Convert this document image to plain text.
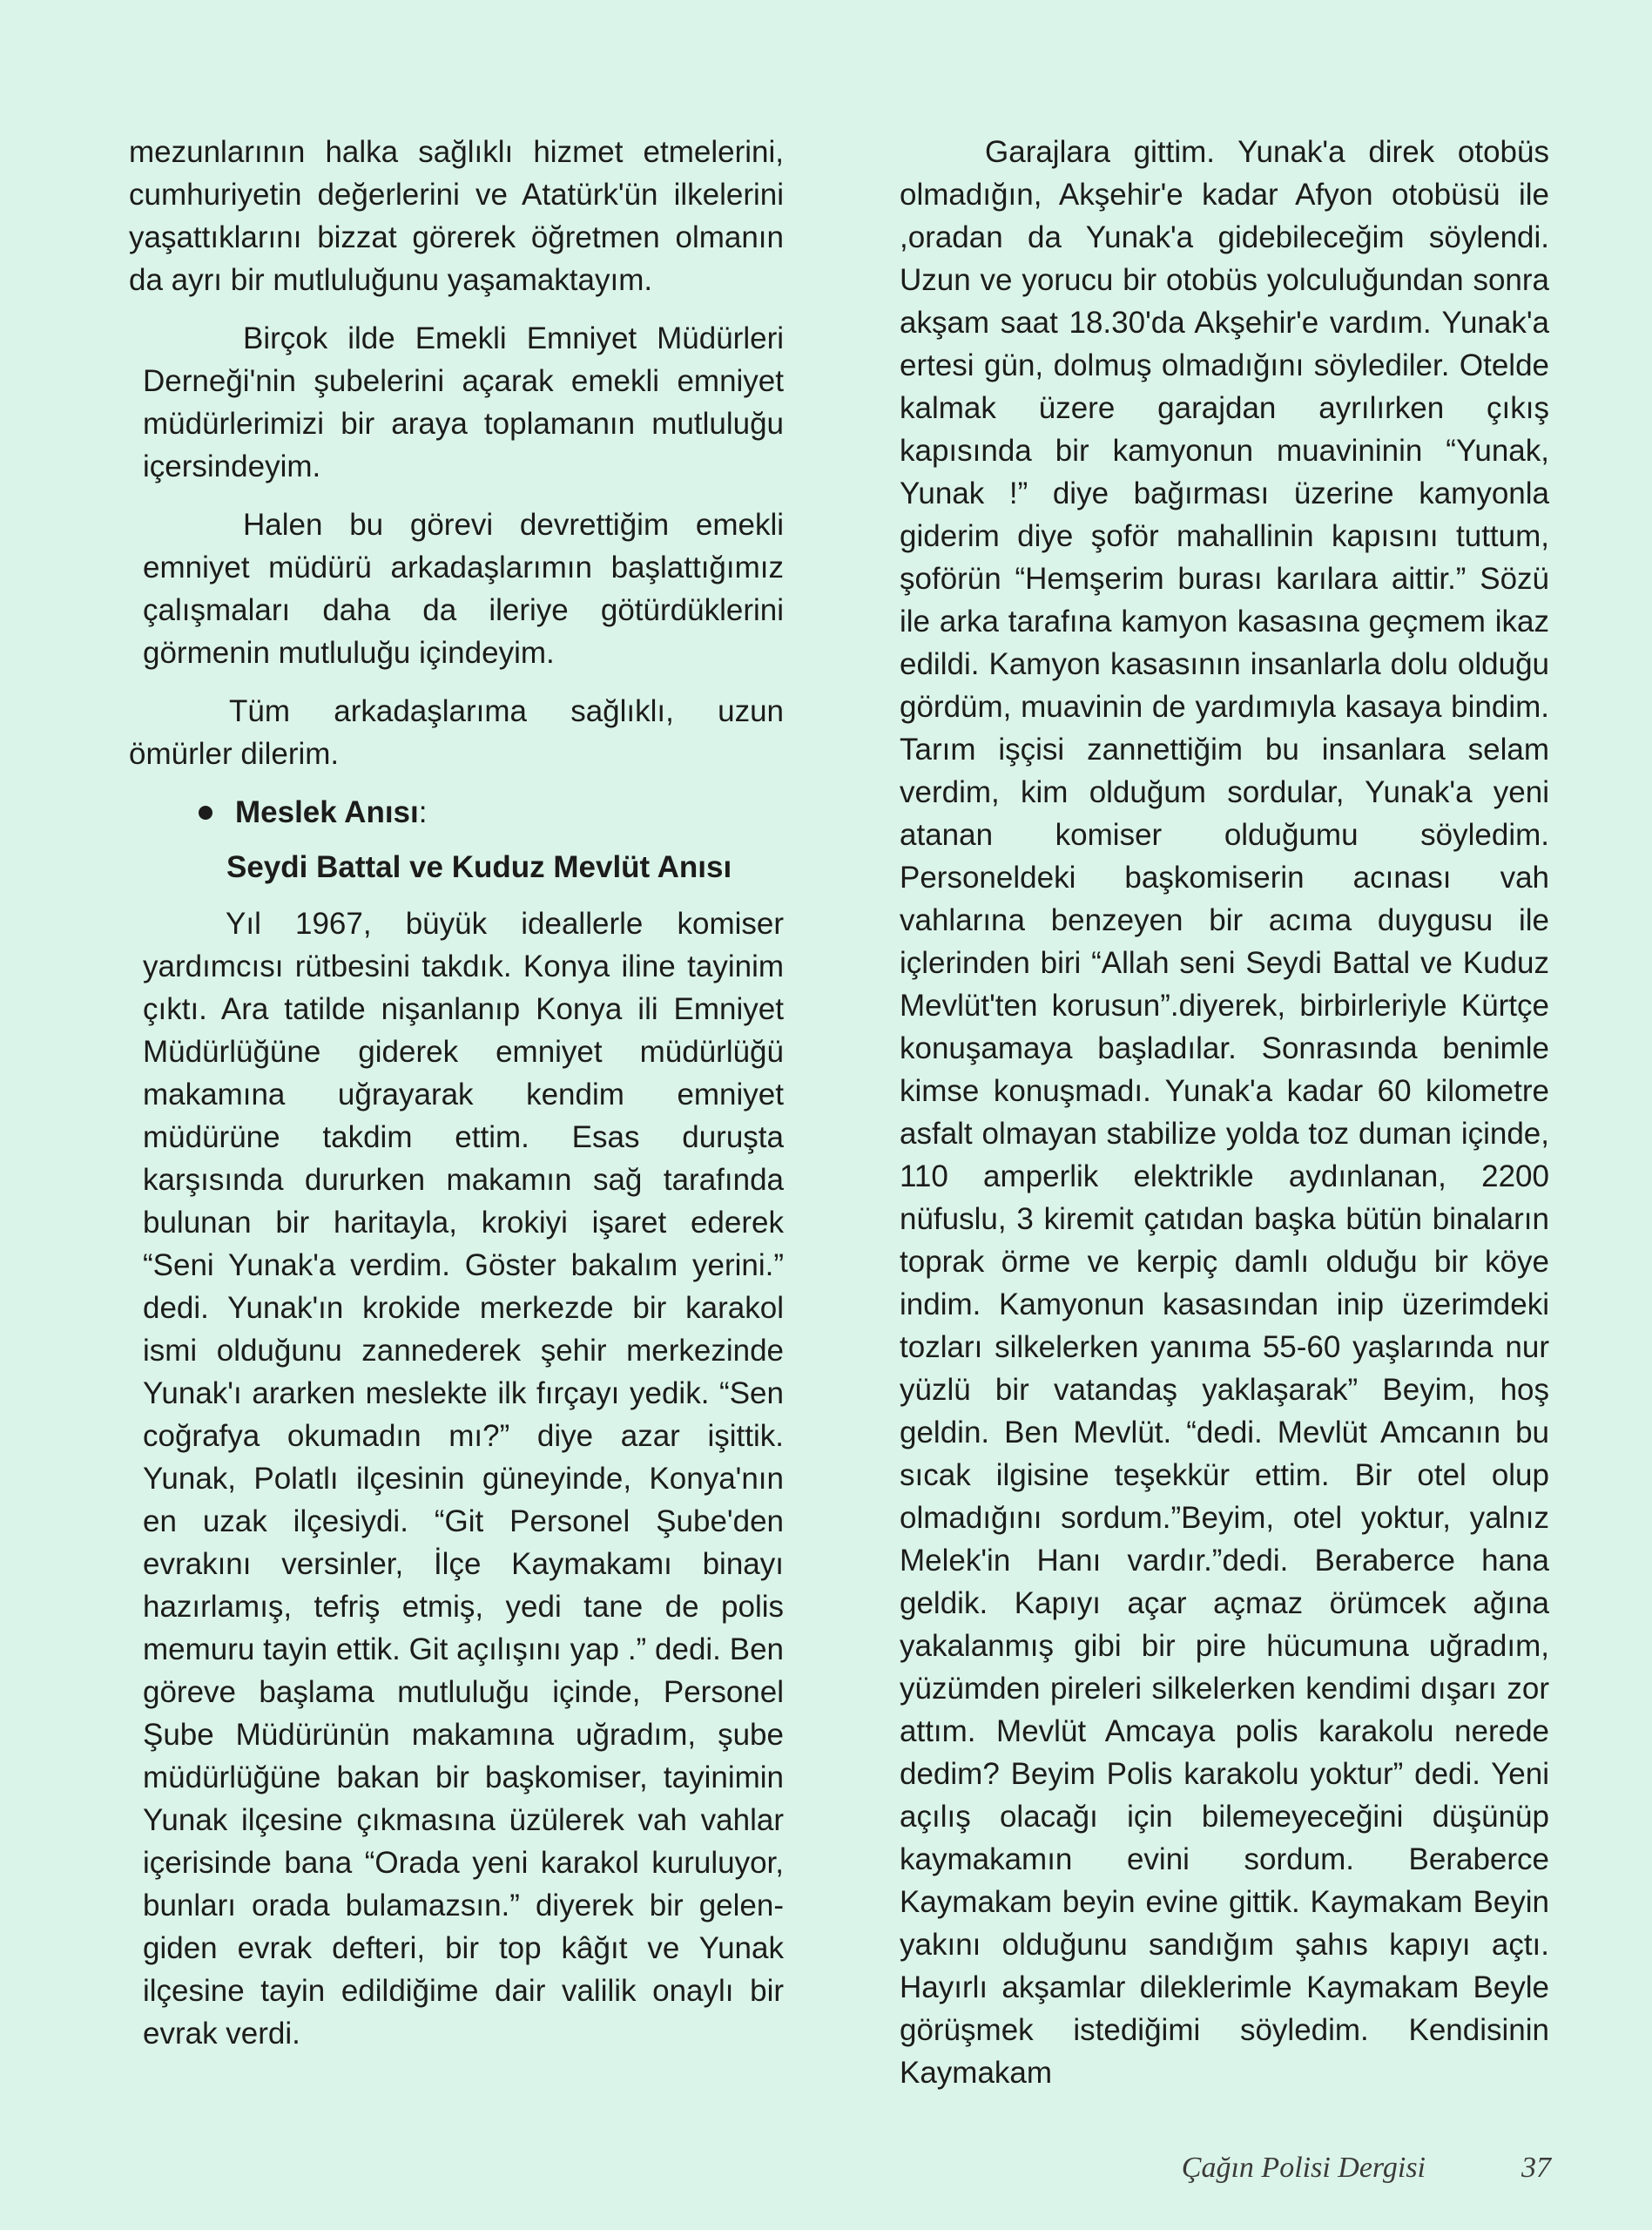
mezunlarının halka sağlıklı hizmet etmelerini, cumhuriyetin değerlerini ve Atatürk'ün ilkelerini yaşattıklarını bizzat görerek öğretmen olmanın da ayrı bir mutluluğunu yaşamaktayım.

Birçok ilde Emekli Emniyet Müdürleri Derneği'nin şubelerini açarak emekli emniyet müdürlerimizi bir araya toplamanın mutluluğu içersindeyim.

Halen bu görevi devrettiğim emekli emniyet müdürü arkadaşlarımın başlattığımız çalışmaları daha da ileriye götürdüklerini görmenin mutluluğu içindeyim.

Tüm arkadaşlarıma sağlıklı, uzun ömürler dilerim.

Meslek Anısı :
Seydi Battal ve Kuduz Mevlüt Anısı

Yıl 1967, büyük ideallerle komiser yardımcısı rütbesini takdık. Konya iline tayinim çıktı. Ara tatilde nişanlanıp Konya ili Emniyet Müdürlüğüne giderek emniyet müdürlüğü makamına uğrayarak kendim emniyet müdürüne takdim ettim. Esas duruşta karşısında dururken makamın sağ tarafında bulunan bir haritayla, krokiyi işaret ederek “Seni Yunak'a verdim. Göster bakalım yerini.” dedi. Yunak'ın krokide merkezde bir karakol ismi olduğunu zannederek şehir merkezinde Yunak'ı ararken meslekte ilk fırçayı yedik. “Sen coğrafya okumadın mı?” diye azar işittik. Yunak, Polatlı ilçesinin güneyinde, Konya'nın en uzak ilçesiydi. “Git Personel Şube'den evrakını versinler, İlçe Kaymakamı binayı hazırlamış, tefriş etmiş, yedi tane de polis memuru tayin ettik. Git açılışını yap .” dedi. Ben göreve başlama mutluluğu içinde, Personel Şube Müdürünün makamına uğradım, şube müdürlüğüne bakan bir başkomiser, tayinimin Yunak ilçesine çıkmasına üzülerek vah vahlar içerisinde bana “Orada yeni karakol kuruluyor, bunları orada bulamazsın.” diyerek bir gelen- giden evrak defteri, bir top kâğıt ve Yunak ilçesine tayin edildiğime dair valilik onaylı bir evrak verdi.

Garajlara gittim. Yunak'a direk otobüs olmadığın, Akşehir'e kadar Afyon otobüsü ile ,oradan da Yunak'a gidebileceğim söylendi. Uzun ve yorucu bir otobüs yolculuğundan sonra akşam saat 18.30'da Akşehir'e vardım. Yunak'a ertesi gün, dolmuş olmadığını söylediler. Otelde kalmak üzere garajdan ayrılırken çıkış kapısında bir kamyonun muavininin “Yunak, Yunak !” diye bağırması üzerine kamyonla giderim diye şoför mahallinin kapısını tuttum, şoförün “Hemşerim burası karılara aittir.” Sözü ile arka tarafına kamyon kasasına geçmem ikaz edildi. Kamyon kasasının insanlarla dolu olduğu gördüm, muavinin de yardımıyla kasaya bindim. Tarım işçisi zannettiğim bu insanlara selam verdim, kim olduğum sordular, Yunak'a yeni atanan komiser olduğumu söyledim. Personeldeki başkomiserin acınası vah vahlarına benzeyen bir acıma duygusu ile içlerinden biri “Allah seni Seydi Battal ve Kuduz Mevlüt'ten korusun”.diyerek, birbirleriyle Kürtçe konuşamaya başladılar. Sonrasında benimle kimse konuşmadı. Yunak'a kadar 60 kilometre asfalt olmayan stabilize yolda toz duman içinde, 110 amperlik elektrikle aydınlanan, 2200 nüfuslu, 3 kiremit çatıdan başka bütün binaların toprak örme ve kerpiç damlı olduğu bir köye indim. Kamyonun kasasından inip üzerimdeki tozları silkelerken yanıma 55-60 yaşlarında nur yüzlü bir vatandaş yaklaşarak” Beyim, hoş geldin. Ben Mevlüt. “dedi. Mevlüt Amcanın bu sıcak ilgisine teşekkür ettim. Bir otel olup olmadığını sordum.”Beyim, otel yoktur, yalnız Melek'in Hanı vardır.”dedi. Beraberce hana geldik. Kapıyı açar açmaz örümcek ağına yakalanmış gibi bir pire hücumuna uğradım, yüzümden pireleri silkelerken kendimi dışarı zor attım. Mevlüt Amcaya polis karakolu nerede dedim? Beyim Polis karakolu yoktur” dedi. Yeni açılış olacağı için bilemeyeceğini düşünüp kaymakamın evini sordum. Beraberce Kaymakam beyin evine gittik. Kaymakam Beyin yakını olduğunu sandığım şahıs kapıyı açtı. Hayırlı akşamlar dileklerimle Kaymakam Beyle görüşmek istediğimi söyledim. Kendisinin Kaymakam

Çağın Polisi Dergisi	37
